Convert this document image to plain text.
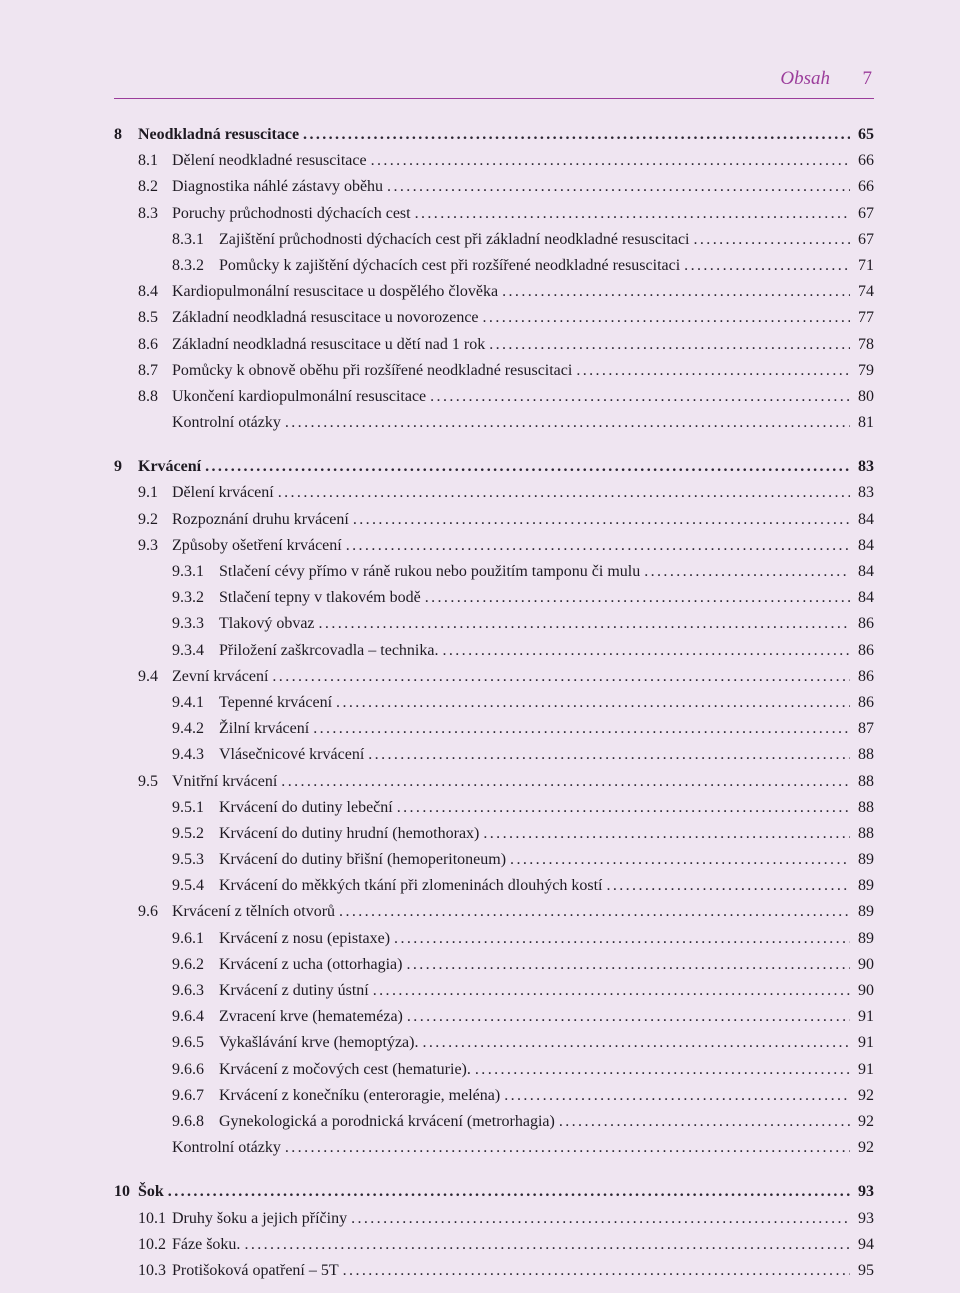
Obsah 7
8	Neodkladná resuscitace .....	65
8.1 Dělení neodkladné resuscitace .....	66
8.2 Diagnostika náhlé zástavy oběhu .....	66
8.3 Poruchy průchodnosti dýchacích cest .....	67
8.3.1 Zajištění průchodnosti dýchacích cest při základní neodkladné resuscitaci .....	67
8.3.2 Pomůcky k zajištění dýchacích cest při rozšířené neodkladné resuscitaci .....	71
8.4 Kardiopulmonální resuscitace u dospělého člověka .....	74
8.5 Základní neodkladná resuscitace u novorozence .....	77
8.6 Základní neodkladná resuscitace u dětí nad 1 rok .....	78
8.7 Pomůcky k obnově oběhu při rozšířené neodkladné resuscitaci .....	79
8.8 Ukončení kardiopulmonální resuscitace .....	80
Kontrolní otázky .....	81
9	Krvácení .....	83
9.1 Dělení krvácení .....	83
9.2 Rozpoznání druhu krvácení .....	84
9.3 Způsoby ošetření krvácení .....	84
9.3.1 Stlačení cévy přímo v ráně rukou nebo použitím tamponu či mulu .....	84
9.3.2 Stlačení tepny v tlakovém bodě .....	84
9.3.3 Tlakový obvaz .....	86
9.3.4 Přiložení zaškrcovadla – technika. .....	86
9.4 Zevní krvácení .....	86
9.4.1 Tepenné krvácení .....	86
9.4.2 Žilní krvácení .....	87
9.4.3 Vlásečnicové krvácení .....	88
9.5 Vnitřní krvácení .....	88
9.5.1 Krvácení do dutiny lebeční .....	88
9.5.2 Krvácení do dutiny hrudní (hemothorax) .....	88
9.5.3 Krvácení do dutiny břišní (hemoperitoneum) .....	89
9.5.4 Krvácení do měkkých tkání při zlomeninách dlouhých kostí .....	89
9.6 Krvácení z tělních otvorů .....	89
9.6.1 Krvácení z nosu (epistaxe) .....	89
9.6.2 Krvácení z ucha (ottorhagia) .....	90
9.6.3 Krvácení z dutiny ústní .....	90
9.6.4 Zvracení krve (hemateméza) .....	91
9.6.5 Vykašlávání krve (hemoptýza). .....	91
9.6.6 Krvácení z močových cest (hematurie). .....	91
9.6.7 Krvácení z konečníku (enteroragie, meléna) .....	92
9.6.8 Gynekologická a porodnická krvácení (metrorhagia) .....	92
Kontrolní otázky .....	92
10 Šok .....	93
10.1 Druhy šoku a jejich příčiny .....	93
10.2 Fáze šoku. .....	94
10.3 Protišoková opatření – 5T .....	95
